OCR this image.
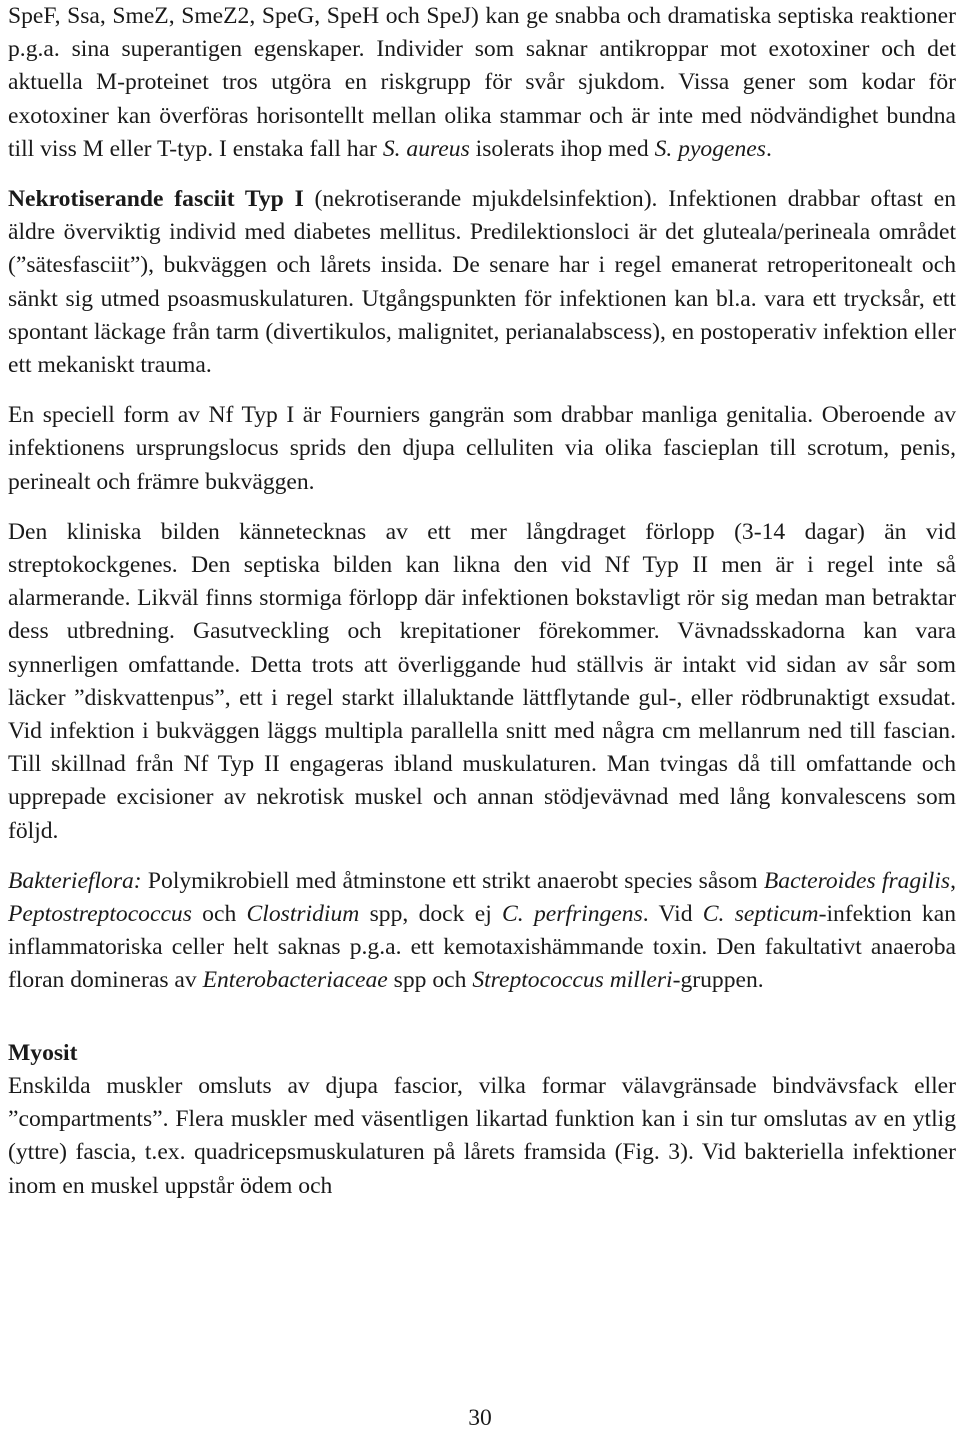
SpeF, Ssa, SmeZ, SmeZ2, SpeG, SpeH och SpeJ) kan ge snabba och dramatiska septiska reaktioner p.g.a. sina superantigen egenskaper. Individer som saknar antikroppar mot exotoxiner och det aktuella M-proteinet tros utgöra en riskgrupp för svår sjukdom. Vissa gener som kodar för exotoxiner kan överföras horisontellt mellan olika stammar och är inte med nödvändighet bundna till viss M eller T-typ. I enstaka fall har S. aureus isolerats ihop med S. pyogenes.

Nekrotiserande fasciit Typ I (nekrotiserande mjukdelsinfektion). Infektionen drabbar oftast en äldre överviktig individ med diabetes mellitus. Predilektionsloci är det gluteala/perineala området (”sätesfasciit”), bukväggen och lårets insida. De senare har i regel emanerat retroperitonealt och sänkt sig utmed psoasmuskulaturen. Utgångspunkten för infektionen kan bl.a. vara ett trycksår, ett spontant läckage från tarm (divertikulos, malignitet, perianalabscess), en postoperativ infektion eller ett mekaniskt trauma.

En speciell form av Nf Typ I är Fourniers gangrän som drabbar manliga genitalia. Oberoende av infektionens ursprungslocus sprids den djupa celluliten via olika fascieplan till scrotum, penis, perinealt och främre bukväggen.

Den kliniska bilden kännetecknas av ett mer långdraget förlopp (3-14 dagar) än vid streptokockgenes. Den septiska bilden kan likna den vid Nf Typ II men är i regel inte så alarmerande. Likväl finns stormiga förlopp där infektionen bokstavligt rör sig medan man betraktar dess utbredning. Gasutveckling och krepitationer förekommer. Vävnadsskadorna kan vara synnerligen omfattande. Detta trots att överliggande hud ställvis är intakt vid sidan av sår som läcker ”diskvattenpus”, ett i regel starkt illaluktande lättflytande gul-, eller rödbrunaktigt exsudat. Vid infektion i bukväggen läggs multipla parallella snitt med några cm mellanrum ned till fascian. Till skillnad från Nf Typ II engageras ibland muskulaturen. Man tvingas då till omfattande och upprepade excisioner av nekrotisk muskel och annan stödjevävnad med lång konvalescens som följd.

Bakterieflora: Polymikrobiell med åtminstone ett strikt anaerobt species såsom Bacteroides fragilis, Peptostreptococcus och Clostridium spp, dock ej C. perfringens. Vid C. septicum-infektion kan inflammatoriska celler helt saknas p.g.a. ett kemotaxishämmande toxin. Den fakultativt anaeroba floran domineras av Enterobacteriaceae spp och Streptococcus milleri-gruppen.

Myosit
Enskilda muskler omsluts av djupa fascior, vilka formar välavgränsade bindvävsfack eller ”compartments”. Flera muskler med väsentligen likartad funktion kan i sin tur omslutas av en ytlig (yttre) fascia, t.ex. quadricepsmuskulaturen på lårets framsida (Fig. 3). Vid bakteriella infektioner inom en muskel uppstår ödem och

30
